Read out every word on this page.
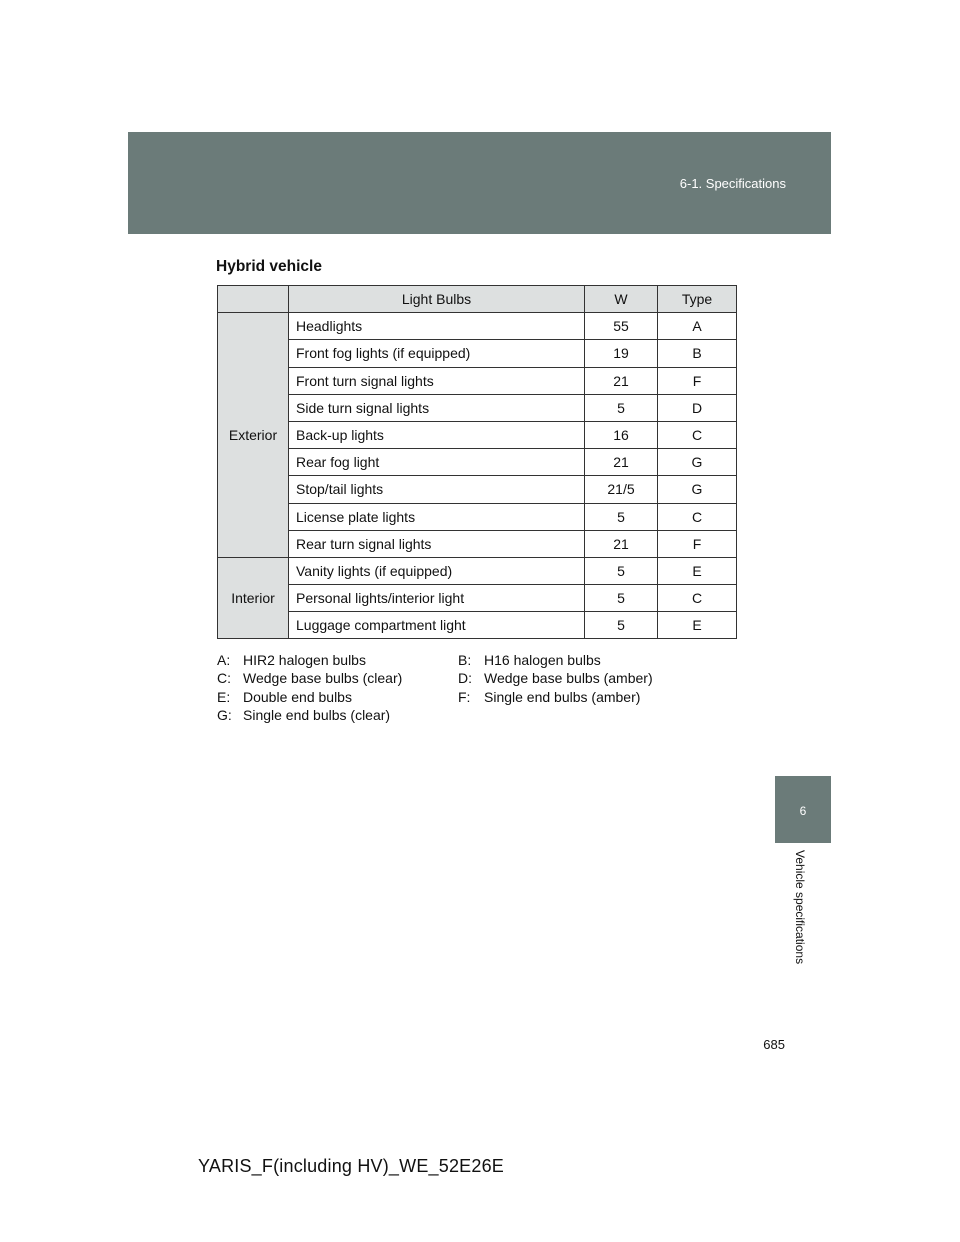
6-1. Specifications
Hybrid vehicle
	Light Bulbs	W	Type
Exterior	Headlights	55	A
	Front fog lights (if equipped)	19	B
	Front turn signal lights	21	F
	Side turn signal lights	5	D
	Back-up lights	16	C
	Rear fog light	21	G
	Stop/tail lights	21/5	G
	License plate lights	5	C
	Rear turn signal lights	21	F
Interior	Vanity lights (if equipped)	5	E
	Personal lights/interior light	5	C
	Luggage compartment light	5	E
A: HIR2 halogen bulbs	B: H16 halogen bulbs
C: Wedge base bulbs (clear)	D: Wedge base bulbs (amber)
E: Double end bulbs	F: Single end bulbs (amber)
G: Single end bulbs (clear)
6
Vehicle specifications
685
YARIS_F(including HV)_WE_52E26E
